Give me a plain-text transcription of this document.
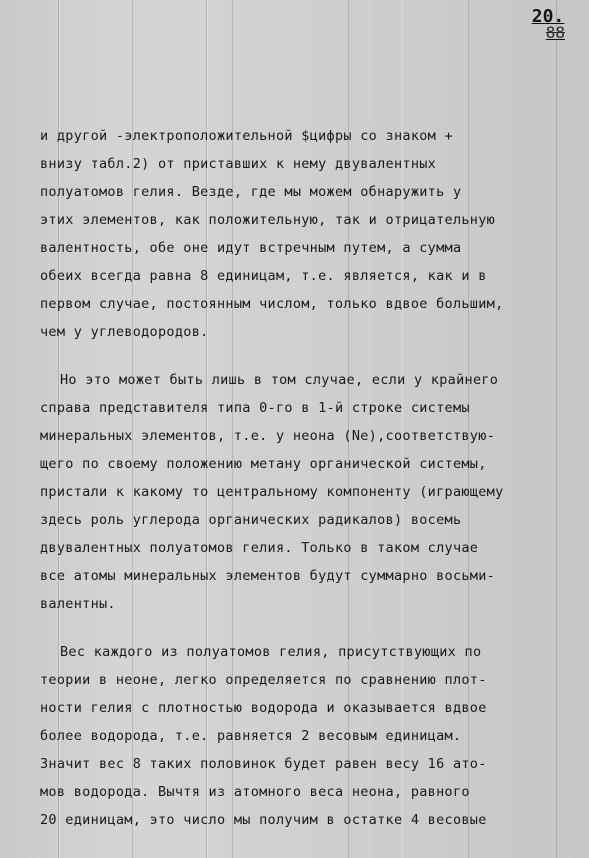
20.
88
и другой -электроположительной $цифры со знаком +
внизу табл.2) от приставших к нему двувалентных
полуатомов гелия. Везде, где мы можем обнаружить у
этих элементов, как положительную, так и отрицательную
валентность, обе оне идут встречным путем, а сумма
обеих всегда равна 8 единицам, т.е. является, как и в
первом случае, постоянным числом, только вдвое большим,
чем у углеводородов.
Но это может быть лишь в том случае, если у крайнего
справа представителя типа 0-го в 1-й строке системы
минеральных элементов, т.е. у неона (Ne),соответствую-
щего по своему положению метану органической системы,
пристали к какому то центральному компоненту (играющему
здесь роль углерода органических радикалов) восемь
двувалентных полуатомов гелия. Только в таком случае
все атомы минеральных элементов будут суммарно восьми-
валентны.
Вес каждого из полуатомов гелия, присутствующих по
теории в неоне, легко определяется по сравнению плот-
ности гелия с плотностью водорода и оказывается вдвое
более водорода, т.е. равняется 2 весовым единицам.
Значит вес 8 таких половинок будет равен весу 16 ато-
мов водорода. Вычтя из атомного веса неона, равного
20 единицам, это число мы получим в остатке 4 весовые
